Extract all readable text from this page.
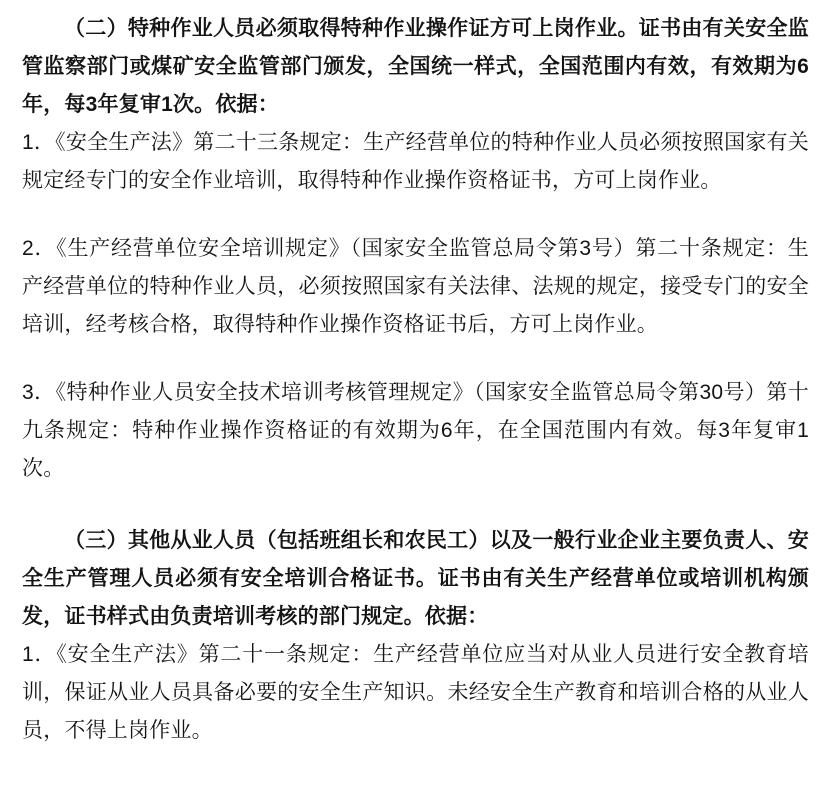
（二）特种作业人员必须取得特种作业操作证方可上岗作业。证书由有关安全监管监察部门或煤矿安全监管部门颁发，全国统一样式，全国范围内有效，有效期为6年，每3年复审1次。依据：

1．《安全生产法》第二十三条规定：生产经营单位的特种作业人员必须按照国家有关规定经专门的安全作业培训，取得特种作业操作资格证书，方可上岗作业。

2．《生产经营单位安全培训规定》（国家安全监管总局令第3号）第二十条规定：生产经营单位的特种作业人员，必须按照国家有关法律、法规的规定，接受专门的安全培训，经考核合格，取得特种作业操作资格证书后，方可上岗作业。

3．《特种作业人员安全技术培训考核管理规定》（国家安全监管总局令第30号）第十九条规定：特种作业操作资格证的有效期为6年，在全国范围内有效。每3年复审1次。

（三）其他从业人员（包括班组长和农民工）以及一般行业企业主要负责人、安全生产管理人员必须有安全培训合格证书。证书由有关生产经营单位或培训机构颁发，证书样式由负责培训考核的部门规定。依据：

1．《安全生产法》第二十一条规定：生产经营单位应当对从业人员进行安全教育培训，保证从业人员具备必要的安全生产知识。未经安全生产教育和培训合格的从业人员，不得上岗作业。
